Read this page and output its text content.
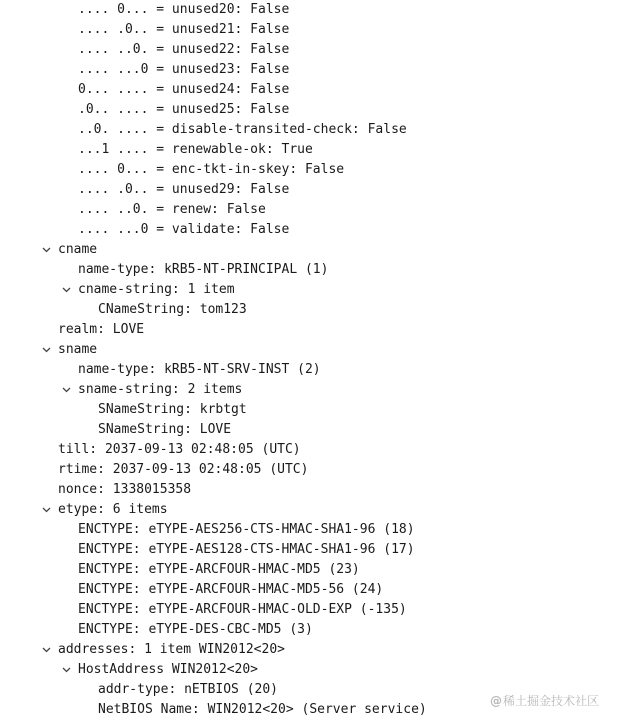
.... 0... = unused20: False
.... .0.. = unused21: False
.... ..0. = unused22: False
.... ...0 = unused23: False
0... .... = unused24: False
.0.. .... = unused25: False
..0. .... = disable-transited-check: False
...1 .... = renewable-ok: True
.... 0... = enc-tkt-in-skey: False
.... .0.. = unused29: False
.... ..0. = renew: False
.... ...0 = validate: False
cname
name-type: kRB5-NT-PRINCIPAL (1)
cname-string: 1 item
CNameString: tom123
realm: LOVE
sname
name-type: kRB5-NT-SRV-INST (2)
sname-string: 2 items
SNameString: krbtgt
SNameString: LOVE
till: 2037-09-13 02:48:05 (UTC)
rtime: 2037-09-13 02:48:05 (UTC)
nonce: 1338015358
etype: 6 items
ENCTYPE: eTYPE-AES256-CTS-HMAC-SHA1-96 (18)
ENCTYPE: eTYPE-AES128-CTS-HMAC-SHA1-96 (17)
ENCTYPE: eTYPE-ARCFOUR-HMAC-MD5 (23)
ENCTYPE: eTYPE-ARCFOUR-HMAC-MD5-56 (24)
ENCTYPE: eTYPE-ARCFOUR-HMAC-OLD-EXP (-135)
ENCTYPE: eTYPE-DES-CBC-MD5 (3)
addresses: 1 item WIN2012<20>
HostAddress WIN2012<20>
addr-type: nETBIOS (20)
NetBIOS Name: WIN2012<20> (Server service)
@稀土掘金技术社区
